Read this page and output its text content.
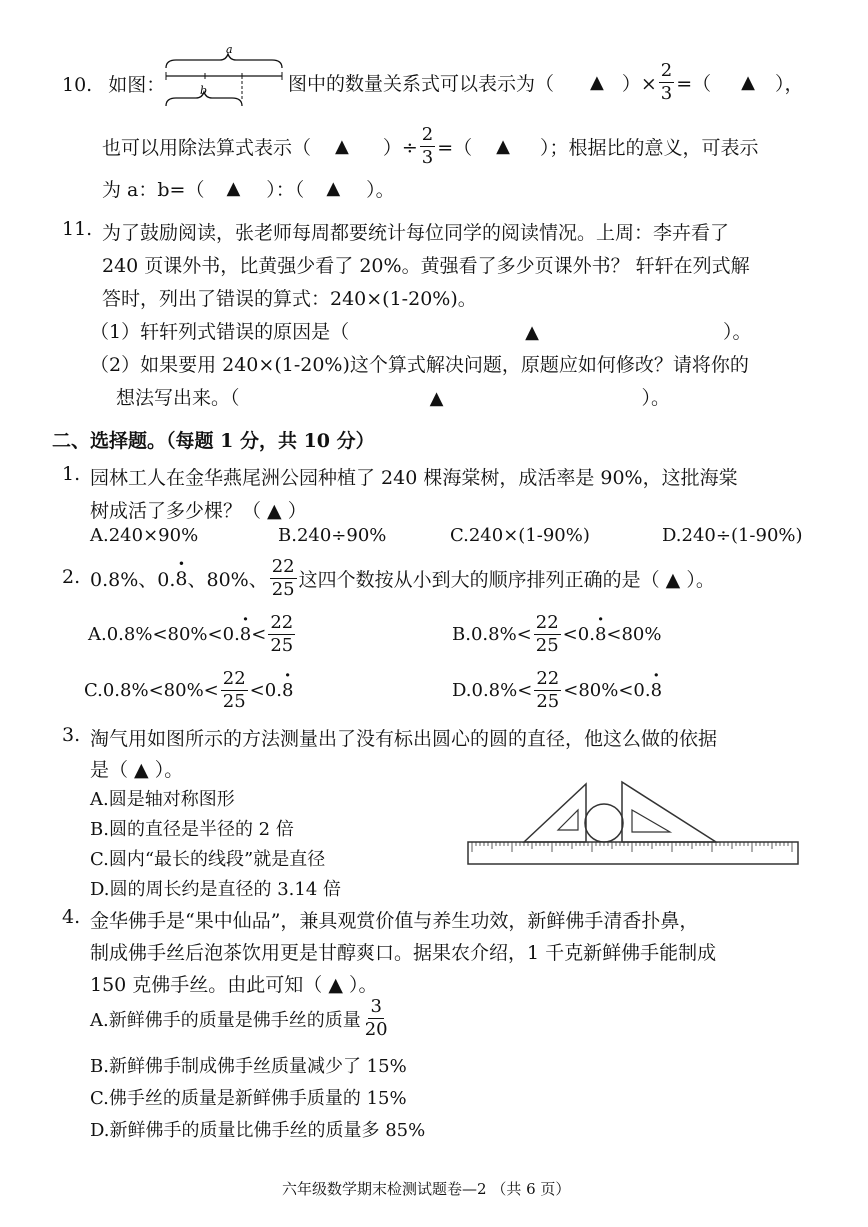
10. 如图：
a
b	图中的数量关系式可以表示为（ ▲ ）× $\frac{2}{3}$ =（ ▲ ），
也可以用除法算式表示（ ▲ ）÷ $\frac{2}{3}$ =（ ▲ ）；根据比的意义，可表示
为 a：b=（ ▲ ）：（ ▲ ）。
11. 为了鼓励阅读，张老师每周都要统计每位同学的阅读情况。上周：李卉看了
240 页课外书，比黄强少看了 20%。黄强看了多少页课外书？ 轩轩在列式解
答时，列出了错误的算式：240×(1-20%)。
（1）轩轩列式错误的原因是（	▲	）。
（2）如果要用 240×(1-20%)这个算式解决问题，原题应如何修改？请将你的
想法写出来。（	▲	）。
二、选择题。（每题 1 分，共 10 分）
1. 园林工人在金华燕尾洲公园种植了 240 棵海棠树，成活率是 90%，这批海棠
树成活了多少棵？（ ▲ ）
A.240×90%	B.240÷90%	C.240×(1-90%)	D.240÷(1-90%)
2. 0.8%、0. · 8 、80%、 $\frac{22}{25}$ 这四个数按从小到大的顺序排列正确的是（ ▲ ）。
A.0.8%<80%<0. · $8 < \frac{22}{25}$	$B.0.8\%< \frac{22}{25} <0$. · 8 <80%
$C.0.8\%<80\%< \frac{22}{25} <0$. · 8	$D.0.8\%< \frac{22}{25} <80\%<0$. · 8
3. 淘气用如图所示的方法测量出了没有标出圆心的圆的直径，他这么做的依据
是（ ▲ ）。
A.圆是轴对称图形
B.圆的直径是半径的 2 倍
C.圆内“最长的线段”就是直径
D.圆的周长约是直径的 3.14 倍
4. 金华佛手是“果中仙品”，兼具观赏价值与养生功效，新鲜佛手清香扑鼻，
制成佛手丝后泡茶饮用更是甘醇爽口。据果农介绍，1 千克新鲜佛手能制成
150 克佛手丝。由此可知（ ▲ ）。
A.新鲜佛手的质量是佛手丝的质量 $\frac{3}{20}$
B.新鲜佛手制成佛手丝质量减少了 15%
C.佛手丝的质量是新鲜佛手质量的 15%
D.新鲜佛手的质量比佛手丝的质量多 85%
六年级数学期末检测试题卷—2 （共 6 页）
